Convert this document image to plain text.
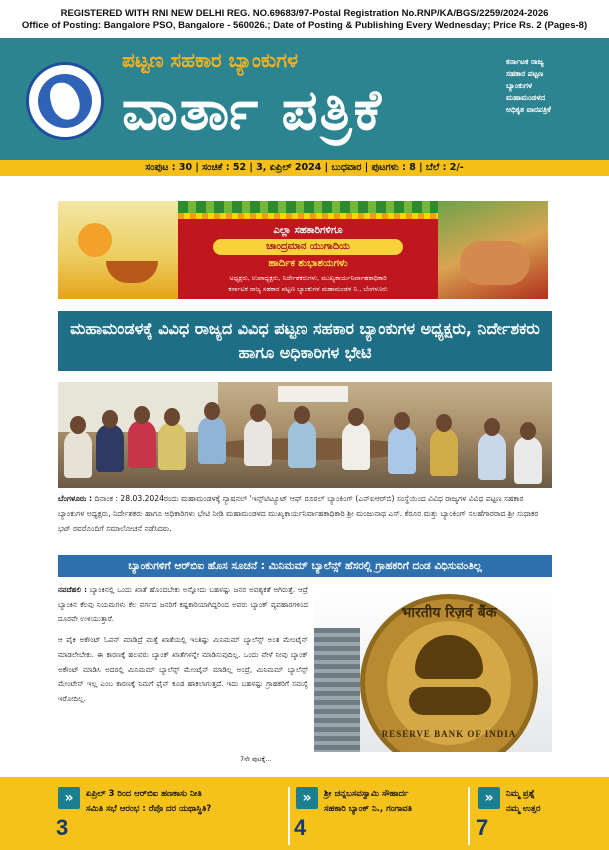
REGISTERED WITH RNI NEW DELHI REG. NO.69683/97-Postal Registration No.RNP/KA/BGS/2259/2024-2026
Office of Posting: Bangalore PSO, Bangalore - 560026.; Date of Posting & Publishing Every Wednesday; Price Rs. 2 (Pages-8)
ಪಟ್ಟಣ ಸಹಕಾರ ಬ್ಯಾಂಕುಗಳ
ವಾರ್ತಾ ಪತ್ರಿಕೆ
ಕರ್ನಾಟಕ ರಾಜ್ಯ
ಸಹಕಾರ ಪಟ್ಟಣ
ಬ್ಯಾಂಕುಗಳ
ಮಹಾಮಂಡಳದ
ಅಧಿಕೃತ ವಾರಪತ್ರಿಕೆ
ಸಂಪುಟ : 30 | ಸಂಚಿಕೆ : 52 | 3, ಏಪ್ರಿಲ್ 2024 | ಬುಧವಾರ | ಪುಟಗಳು : 8 | ಬೆಲೆ : 2/-
ಎಲ್ಲಾ ಸಹಕಾರಿಗಳಿಗೂ
ಚಾಂದ್ರಮಾನ ಯುಗಾದಿಯ
ಹಾರ್ದಿಕ ಶುಭಾಶಯಗಳು
ಅಧ್ಯಕ್ಷರು, ಉಪಾಧ್ಯಕ್ಷರು, ನಿರ್ದೇಶಕರುಗಳು, ಮುಖ್ಯಕಾರ್ಯನಿರ್ವಾಹಕಾಧಿಕಾರಿ
ಕರ್ನಾಟಕ ರಾಜ್ಯ ಸಹಕಾರ ಪಟ್ಟಣ ಬ್ಯಾಂಕುಗಳ ಮಹಾಮಂಡಳ ನಿ., ಬೆಂಗಳೂರು
ಮಹಾಮಂಡಳಕ್ಕೆ ವಿವಿಧ ರಾಜ್ಯದ ವಿವಿಧ ಪಟ್ಟಣ ಸಹಕಾರ ಬ್ಯಾಂಕುಗಳ ಅಧ್ಯಕ್ಷರು, ನಿರ್ದೇಶಕರು ಹಾಗೂ ಅಧಿಕಾರಿಗಳ ಭೇಟಿ
ಬೆಂಗಳೂರು : ದಿನಾಂಕ : 28.03.2024ರಂದು ಮಹಾಮಂಡಳಕ್ಕೆ ನ್ಯಾಷನಲ್ 'ಇನ್ಸ್‌ಟಿಟ್ಯೂಟ್ ಆಫ್ ರೂರಲ್ ಬ್ಯಾಂಕಿಂಗ್ (ಎನ್‌ಐಆರ್‌ಬಿ) ಸಂಸ್ಥೆಯಿಂದ ವಿವಿಧ ರಾಜ್ಯಗಳ ವಿವಿಧ ಪಟ್ಟಣ ಸಹಕಾರ ಬ್ಯಾಂಕುಗಳ ಅಧ್ಯಕ್ಷರು, ನಿರ್ದೇಶಕರು ಹಾಗೂ ಅಧಿಕಾರಿಗಳು ಭೇಟಿ ನೀಡಿ ಮಹಾಮಂಡಳದ ಮುಖ್ಯಕಾರ್ಯನಿರ್ವಾಹಕಾಧಿಕಾರಿ ಶ್ರೀ ಮಂಜುನಾಥ ಎಸ್. ಕೆರೂರ ಮತ್ತು ಬ್ಯಾಂಕಿಂಗ್ ಸಲಹೆಗಾರರಾದ ಶ್ರೀ ಸುಧಾಕರ ಭಟ್ ರವರೊಂದಿಗೆ ಸಮಾಲೋಚನೆ ನಡೆಸಿದರು.
ಬ್ಯಾಂಕುಗಳಿಗೆ ಆರ್‌ಬಿಐ ಹೊಸ ಸೂಚನೆ : ಮಿನಿಮಮ್ ಬ್ಯಾಲೆನ್ಸ್ ಹೆಸರಲ್ಲಿ ಗ್ರಾಹಕರಿಗೆ ದಂಡ ವಿಧಿಸುವಂತಿಲ್ಲ

ನವದೆಹಲಿ : ಬ್ಯಾಂಕಿನಲ್ಲಿ ಒಂದು ಖಾತೆ ಹೊಂದಬೇಕು ಅನ್ನೋದು ಬಹಳಷ್ಟು ಜನರ ಅವಶ್ಯಕತೆ ಆಗಿರುತ್ತೆ. ಆದ್ರೆ ಬ್ಯಾಂಕಿನ ಕೆಲವು ನಿಯಮಗಳು ಕೆಲ ವರ್ಗದ ಜನರಿಗೆ ಕಷ್ಟಕಾರಿಯಾಗಿದ್ದರಿಂದ ಅವರು ಬ್ಯಾಂಕ್ ವ್ಯವಹಾರಗಳಿಂದ ದೂರವೇ ಉಳಿಯುತ್ತಾರೆ.

ಆ ಪೈಕಿ ಅಕೌಂಟ್ ಓಪನ್ ಮಾಡಿದ್ರೆ ಮತ್ತೆ ಖಾತೆಯಲ್ಲಿ ಇಂತಿಷ್ಟು ಮಿನಿಮಮ್ ಬ್ಯಾಲೆನ್ಸ್ ಅಂತ ಮೇಂಟೈನ್ ಮಾಡಲೇಬೇಕು. ಈ ಕಾರಣಕ್ಕೆ ಹಲವರು ಬ್ಯಾಂಕ್ ಖಾತೆಗಳನ್ನೇ ಮಾಡಿಸುವುದಿಲ್ಲ. ಒಂದು ವೇಳೆ ನೀವು ಬ್ಯಾಂಕ್ ಅಕೌಂಟ್ ಮಾಡಿಸಿ ಅದರಲ್ಲಿ ಮಿನಿಮಮ್ ಬ್ಯಾಲೆನ್ಸ್ ಮೇಂಟೈನ್ ಮಾಡಿಲ್ಲ ಅಂದ್ರೆ, ಮಿನಿಮಮ್ ಬ್ಯಾಲೆನ್ಸ್ ಮೇಂಟೇನ್ ಇಲ್ಲ ಎಂಬ ಕಾರಣಕ್ಕೆ ನಿಮಗೆ ಫೈನ್ ಕೂಡ ಹಾಕಲಾಗುತ್ತದೆ. ಇದು ಬಹಳಷ್ಟು ಗ್ರಾಹಕರಿಗೆ ಸಮಸ್ಯೆ ಇರೋದಿಲ್ಲ.

7ನೇ ಪುಟಕ್ಕೆ...
भारतीय रिज़र्व बैंक
RESERVE BANK OF INDIA
»	ಏಪ್ರಿಲ್ 3 ರಿಂದ ಆರ್‌ಬಿಐ ಹಣಕಾಸು ನೀತಿ
ಸಮಿತಿ ಸಭೆ ಆರಂಭ : ರೆಪೊ ದರ ಯಥಾಸ್ಥಿತಿ?
3
»	ಶ್ರೀ ಚನ್ನಬಸವಸ್ವಾಮಿ ಸೌಹಾರ್ದ
ಸಹಕಾರಿ ಬ್ಯಾಂಕ್ ನಿ., ಗಂಗಾವತಿ
4
»	ನಿಮ್ಮ ಪ್ರಶ್ನೆ
ನಮ್ಮ ಉತ್ತರ
7
